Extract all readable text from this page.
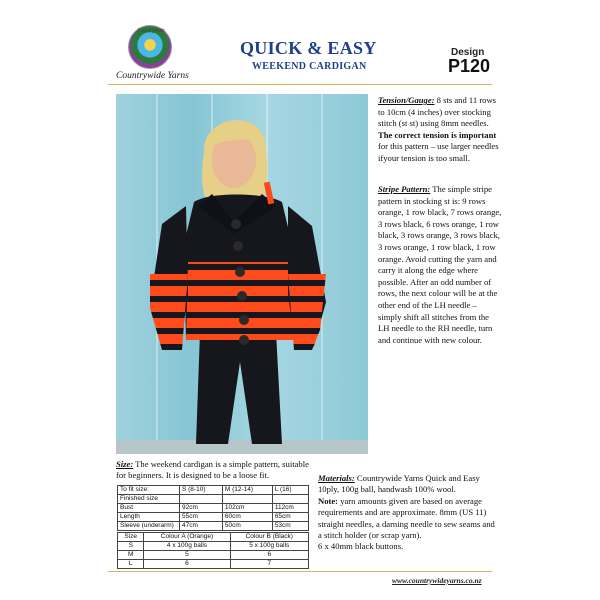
Countrywide
Countrywide Yarns
QUICK & EASY
WEEKEND CARDIGAN
Design
P120
Tension/Gauge: 8 sts and 11 rows to 10cm (4 inches) over stocking stitch (st st) using 8mm needles. The correct tension is important for this pattern – use larger needles ifyour tension is too small.
Stripe Pattern: The simple stripe pattern in stocking st is: 9 rows orange, 1 row black, 7 rows orange, 3 rows black, 6 rows orange, 1 row black, 3 rows orange, 3 rows black, 3 rows orange, 1 row black, 1 row orange. Avoid cutting the yarn and carry it along the edge where possible. After an odd number of rows, the next colour will be at the other end of the LH needle – simply shift all stitches from the LH needle to the RH needle, turn and continue with new colour.
Size: The weekend cardigan is a simple pattern, suitable for beginners. It is designed to be a loose fit.
To fit size:	S (8-10)	M (12-14)	L (16)
Finished size			
Bust	92cm	102cm	112cm
Length	55cm	60cm	65cm
Sleeve (underarm)	47cm	50cm	53cm
Size	Colour A (Orange)	Colour B (Black)
S	4 x 100g balls	5 x 100g balls
M	5	6
L	6	7
Materials: Countrywide Yarns Quick and Easy 10ply, 100g ball, handwash 100% wool.
Note: yarn amounts given are based on average requirements and are approximate. 8mm (US 11) straight needles, a darning needle to sew seams and a stitch holder (or scrap yarn).
6 x 40mm black buttons.
www.countrywideyarns.co.nz
